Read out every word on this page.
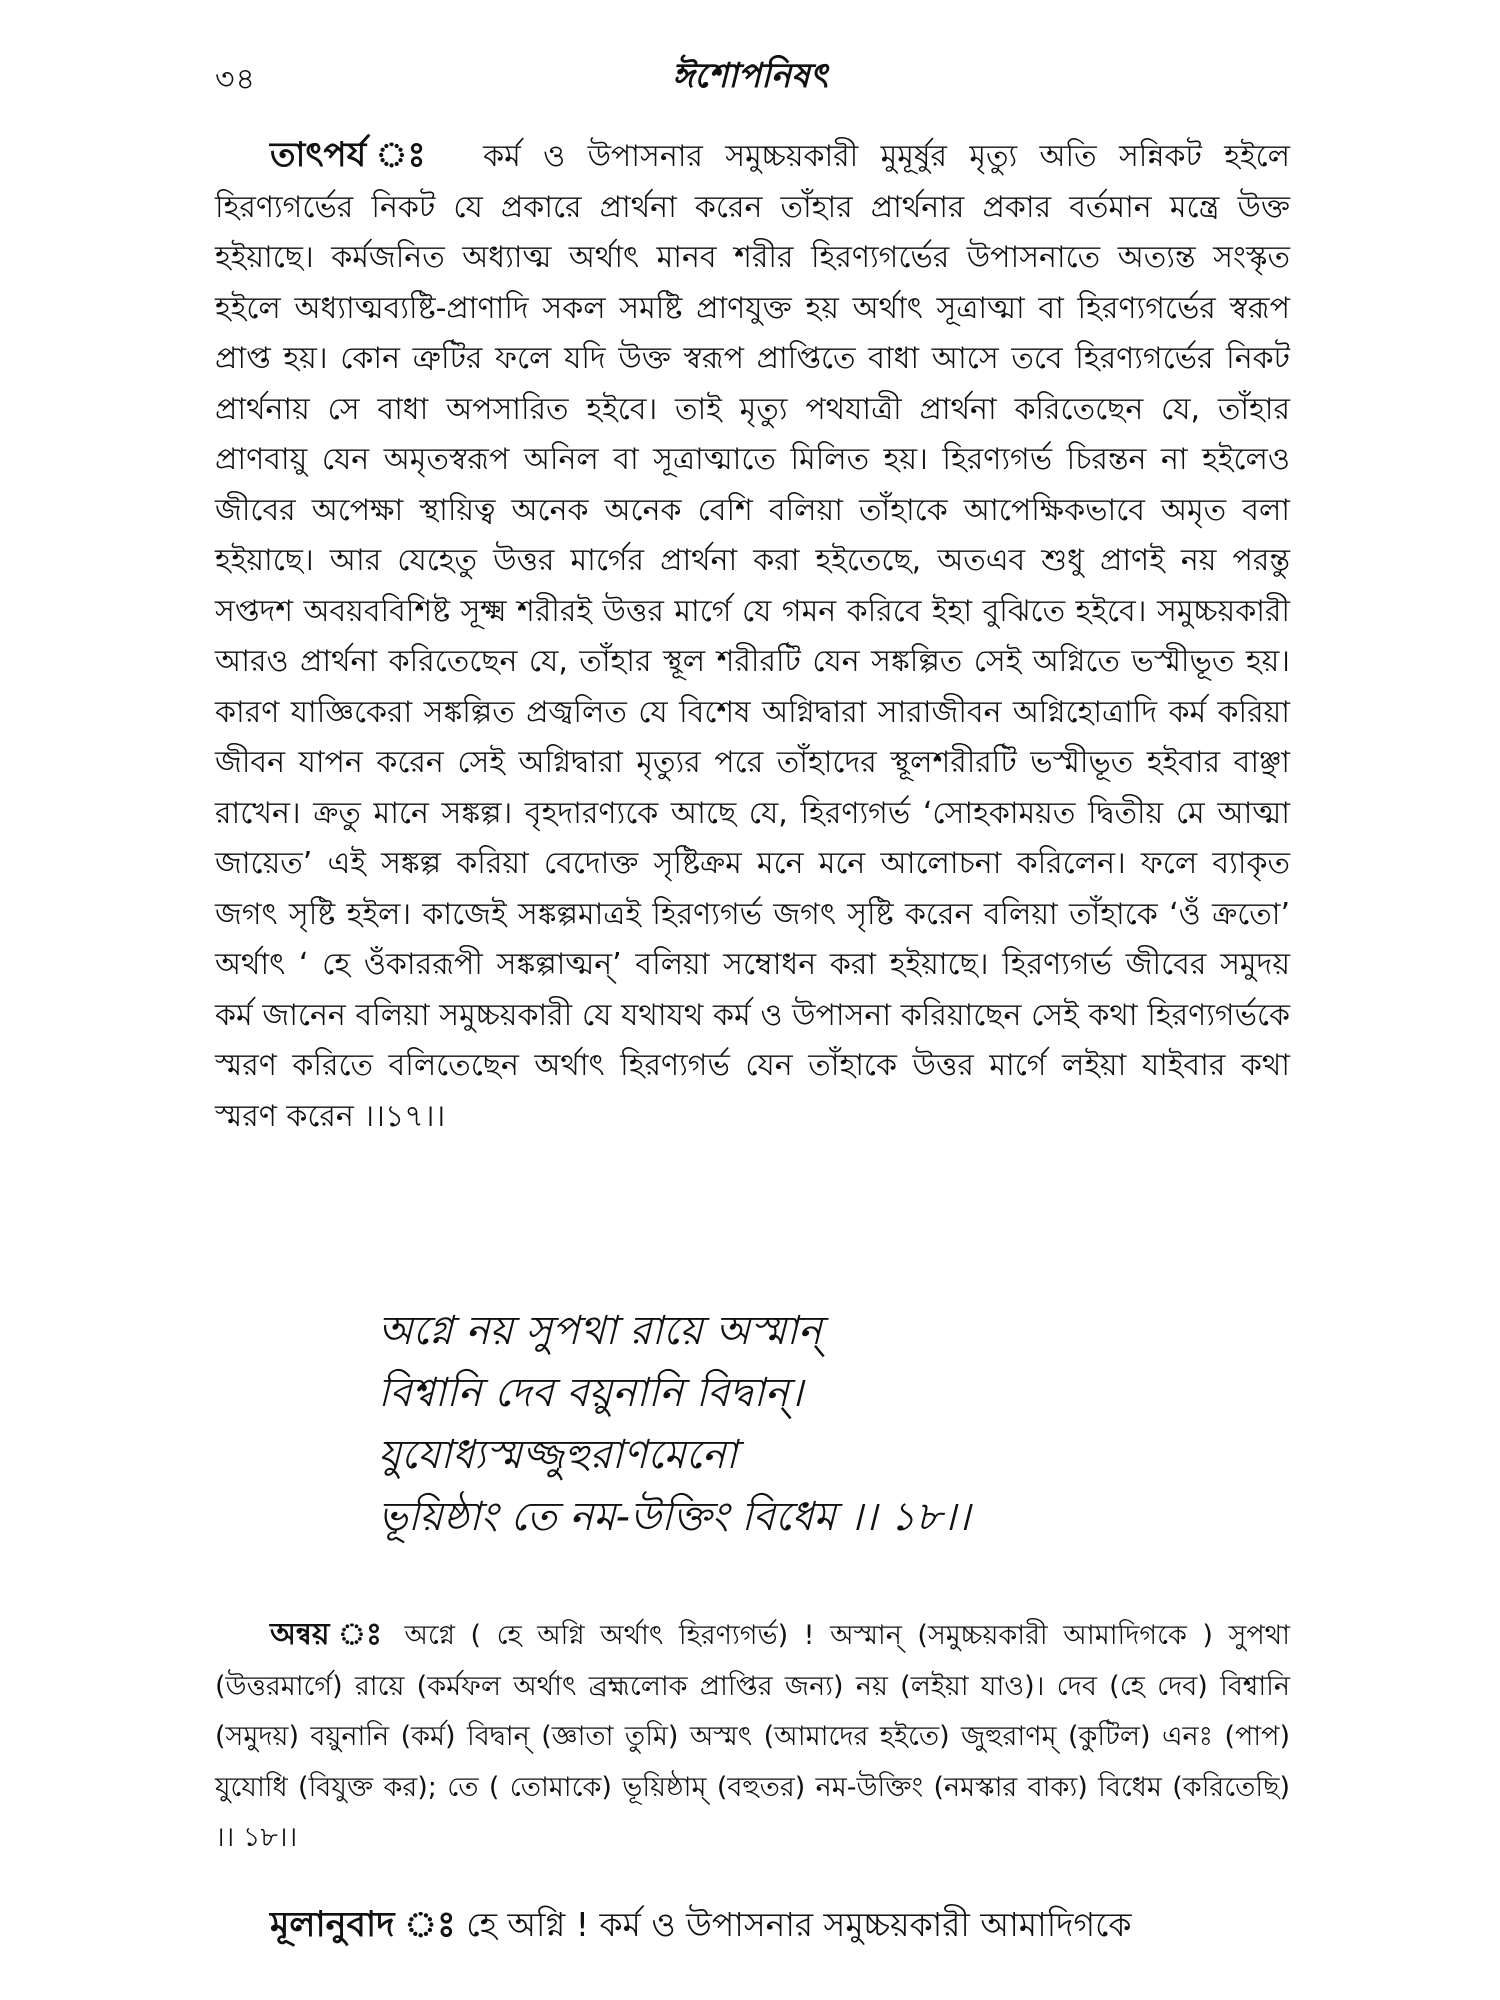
৩৪	ঈশোপনিষৎ

তাৎপর্য ঃ কর্ম ও উপাসনার সমুচ্চয়কারী মুমূর্ষুর মৃত্যু অতি সন্নিকট হইলে হিরণ্যগর্ভের নিকট যে প্রকারে প্রার্থনা করেন তাঁহার প্রার্থনার প্রকার বর্তমান মন্ত্রে উক্ত হইয়াছে। কর্মজনিত অধ্যাত্ম অর্থাৎ মানব শরীর হিরণ্যগর্ভের উপাসনাতে অত্যন্ত সংস্কৃত হইলে অধ্যাত্মব্যষ্টি-প্রাণাদি সকল সমষ্টি প্রাণযুক্ত হয় অর্থাৎ সূত্রাত্মা বা হিরণ্যগর্ভের স্বরূপ প্রাপ্ত হয়। কোন ত্রুটির ফলে যদি উক্ত স্বরূপ প্রাপ্তিতে বাধা আসে তবে হিরণ্যগর্ভের নিকট প্রার্থনায় সে বাধা অপসারিত হইবে। তাই মৃত্যু পথযাত্রী প্রার্থনা করিতেছেন যে, তাঁহার প্রাণবায়ু যেন অমৃতস্বরূপ অনিল বা সূত্রাত্মাতে মিলিত হয়। হিরণ্যগর্ভ চিরন্তন না হইলেও জীবের অপেক্ষা স্থায়িত্ব অনেক অনেক বেশি বলিয়া তাঁহাকে আপেক্ষিকভাবে অমৃত বলা হইয়াছে। আর যেহেতু উত্তর মার্গের প্রার্থনা করা হইতেছে, অতএব শুধু প্রাণই নয় পরন্তু সপ্তদশ অবয়ববিশিষ্ট সূক্ষ্ম শরীরই উত্তর মার্গে যে গমন করিবে ইহা বুঝিতে হইবে। সমুচ্চয়কারী আরও প্রার্থনা করিতেছেন যে, তাঁহার স্থূল শরীরটি যেন সঙ্কল্পিত সেই অগ্নিতে ভস্মীভূত হয়। কারণ যাজ্ঞিকেরা সঙ্কল্পিত প্রজ্বলিত যে বিশেষ অগ্নিদ্বারা সারাজীবন অগ্নিহোত্রাদি কর্ম করিয়া জীবন যাপন করেন সেই অগ্নিদ্বারা মৃত্যুর পরে তাঁহাদের স্থূলশরীরটি ভস্মীভূত হইবার বাঞ্ছা রাখেন। ক্রতু মানে সঙ্কল্প। বৃহদারণ্যকে আছে যে, হিরণ্যগর্ভ ‘সোহকাময়ত দ্বিতীয় মে আত্মা জায়েত’ এই সঙ্কল্প করিয়া বেদোক্ত সৃষ্টিক্রম মনে মনে আলোচনা করিলেন। ফলে ব্যাকৃত জগৎ সৃষ্টি হইল। কাজেই সঙ্কল্পমাত্রই হিরণ্যগর্ভ জগৎ সৃষ্টি করেন বলিয়া তাঁহাকে ‘ওঁ ক্রতো’ অর্থাৎ ‘ হে ওঁকাররূপী সঙ্কল্পাত্মন্’ বলিয়া সম্বোধন করা হইয়াছে। হিরণ্যগর্ভ জীবের সমুদয় কর্ম জানেন বলিয়া সমুচ্চয়কারী যে যথাযথ কর্ম ও উপাসনা করিয়াছেন সেই কথা হিরণ্যগর্ভকে স্মরণ করিতে বলিতেছেন অর্থাৎ হিরণ্যগর্ভ যেন তাঁহাকে উত্তর মার্গে লইয়া যাইবার কথা স্মরণ করেন ।।১৭।।

অগ্নে নয় সুপথা রায়ে অস্মান্
বিশ্বানি দেব বয়ুনানি বিদ্বান্।
যুযোধ্যস্মজ্জুহুরাণমেনো
ভূয়িষ্ঠাং তে নম-উক্তিং বিধেম ।। ১৮।।

অন্বয় ঃ অগ্নে ( হে অগ্নি অর্থাৎ হিরণ্যগর্ভ) ! অস্মান্ (সমুচ্চয়কারী আমাদিগকে ) সুপথা (উত্তরমার্গে) রায়ে (কর্মফল অর্থাৎ ব্রহ্মলোক প্রাপ্তির জন্য) নয় (লইয়া যাও)। দেব (হে দেব) বিশ্বানি (সমুদয়) বয়ুনানি (কর্ম) বিদ্বান্ (জ্ঞাতা তুমি) অস্মৎ (আমাদের হইতে) জুহুরাণম্ (কুটিল) এনঃ (পাপ) যুযোধি (বিযুক্ত কর); তে ( তোমাকে) ভূয়িষ্ঠাম্ (বহুতর) নম-উক্তিং (নমস্কার বাক্য) বিধেম (করিতেছি) ।। ১৮।।

মূলানুবাদ ঃ হে অগ্নি ! কর্ম ও উপাসনার সমুচ্চয়কারী আমাদিগকে
